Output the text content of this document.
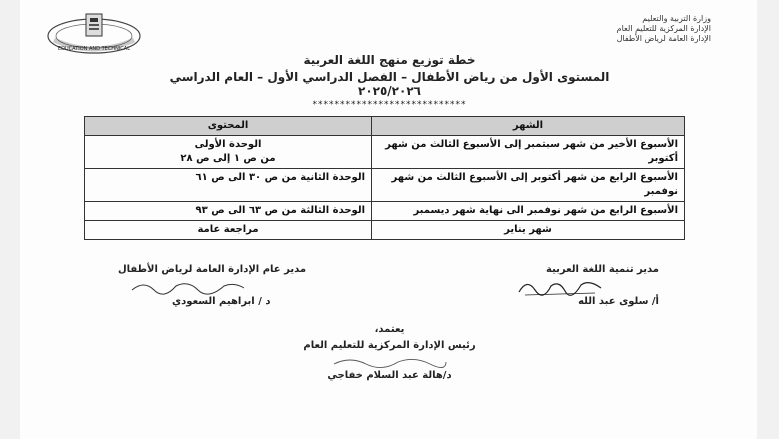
EDUCATION AND TECHNICAL
وزارة التربية والتعليم
الإدارة المركزية للتعليم العام
الإدارة العامة لرياض الأطفال
خطة توزيع منهج اللغة العربية
المستوى الأول من رياض الأطفال – الفصل الدراسي الأول – العام الدراسي
٢٠٢٥/٢٠٢٦
****************************
الشهر	المحتوى
الأسبوع الأخير من شهر سبتمبر إلى الأسبوع الثالث من شهر أكتوبر	الوحدة الأولى
من ص ١ إلى ص ٢٨

الأسبوع الرابع من شهر أكتوبر إلى الأسبوع الثالث من شهر نوفمبر	الوحدة الثانية من ص ٣٠ الى ص ٦١
الأسبوع الرابع من شهر نوفمبر الى نهاية شهر ديسمبر	الوحدة الثالثة من ص ٦٣ الى ص ٩٣
شهر يناير	مراجعة عامة
مدير تنمية اللغة العربية
أ/ سلوى عبد الله
مدير عام الإدارة العامة لرياض الأطفال
د / ابراهيم السعودي
يعتمد،
رئيس الإدارة المركزية للتعليم العام
د/هالة عبد السلام خفاجي
